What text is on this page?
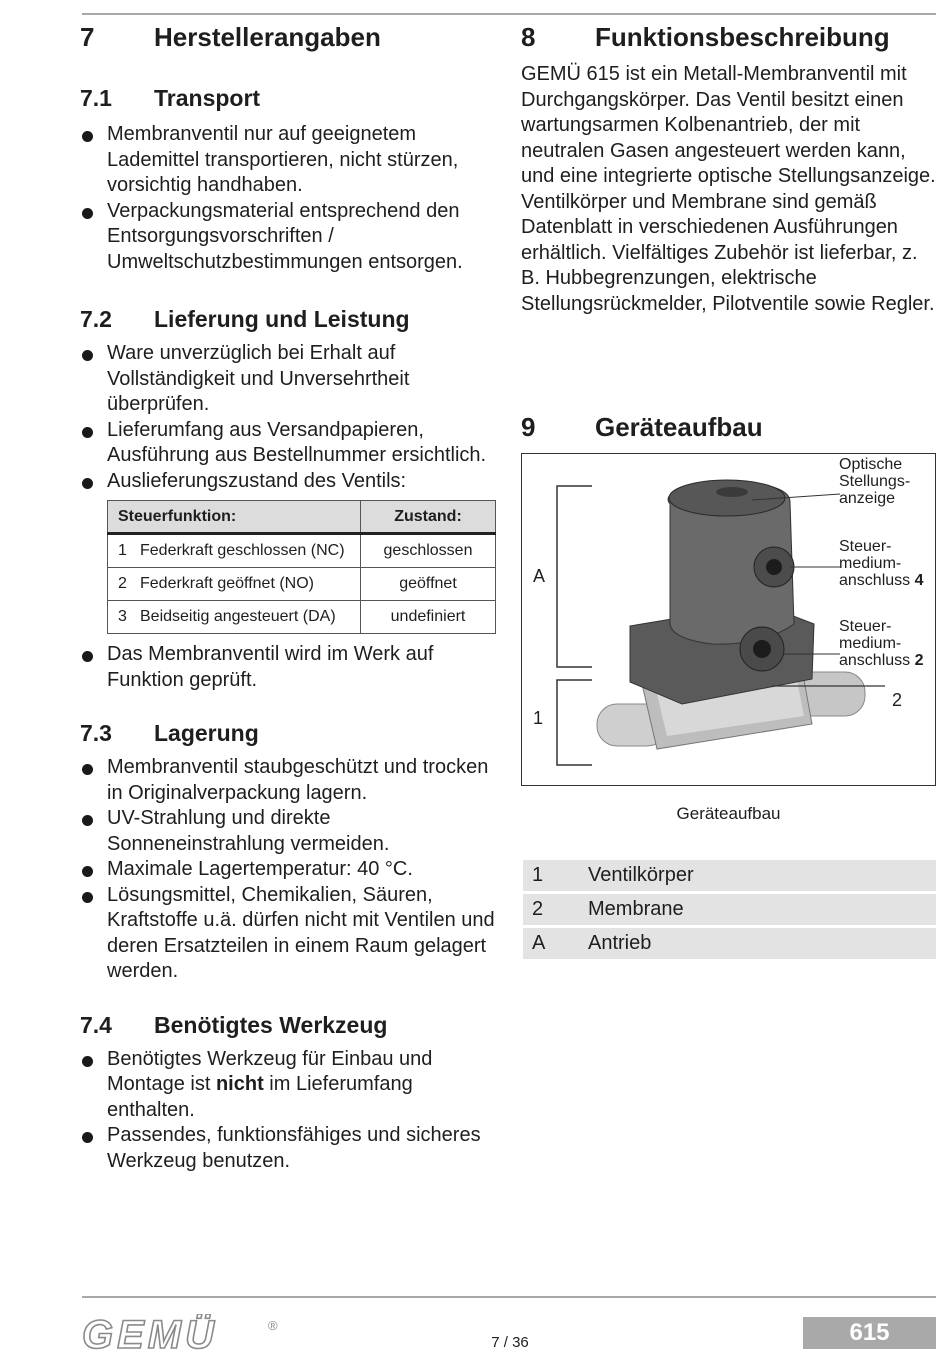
7 Herstellerangaben
7.1 Transport
Membranventil nur auf geeignetem Lademittel transportieren, nicht stürzen, vorsichtig handhaben.
Verpackungsmaterial entsprechend den Entsorgungsvorschriften / Umweltschutzbestimmungen entsorgen.
7.2 Lieferung und Leistung
Ware unverzüglich bei Erhalt auf Vollständigkeit und Unversehrtheit überprüfen.
Lieferumfang aus Versandpapieren, Ausführung aus Bestellnummer ersichtlich.
Auslieferungszustand des Ventils:
Steuerfunktion:	Zustand:
1 Federkraft geschlossen (NC)	geschlossen
2 Federkraft geöffnet (NO)	geöffnet
3 Beidseitig angesteuert (DA)	undefiniert
Das Membranventil wird im Werk auf Funktion geprüft.
7.3 Lagerung
Membranventil staubgeschützt und trocken in Originalverpackung lagern.
UV-Strahlung und direkte Sonneneinstrahlung vermeiden.
Maximale Lagertemperatur: 40 °C.
Lösungsmittel, Chemikalien, Säuren, Kraftstoffe u.ä. dürfen nicht mit Ventilen und deren Ersatzteilen in einem Raum gelagert werden.
7.4 Benötigtes Werkzeug
Benötigtes Werkzeug für Einbau und Montage ist nicht im Lieferumfang enthalten.
Passendes, funktionsfähiges und sicheres Werkzeug benutzen.
8 Funktionsbeschreibung

GEMÜ 615 ist ein Metall-Membranventil mit Durchgangskörper. Das Ventil besitzt einen wartungsarmen Kolbenantrieb, der mit neutralen Gasen angesteuert werden kann, und eine integrierte optische Stellungsanzeige. Ventilkörper und Membrane sind gemäß Datenblatt in verschiedenen Ausführungen erhältlich. Vielfältiges Zubehör ist lieferbar, z. B. Hubbegrenzungen, elektrische Stellungsrückmelder, Pilotventile sowie Regler.

9 Geräteaufbau
A
1
2
Optische
Stellungs-
anzeige
Steuer-
medium-
anschluss 4
Steuer-
medium-
anschluss 2
Geräteaufbau
1 Ventilkörper
2 Membrane
A Antrieb
GEMÜ	®
7 / 36	615
